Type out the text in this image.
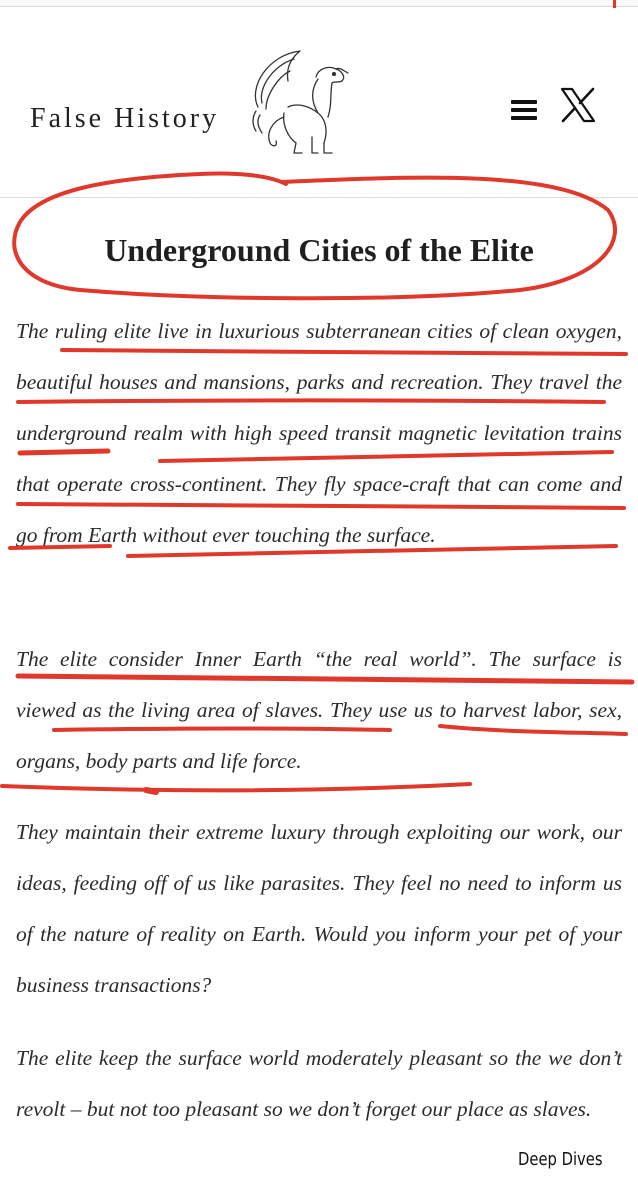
False History
Underground Cities of the Elite

The ruling elite live in luxurious subterranean cities of clean oxygen, beautiful houses and mansions, parks and recreation. They travel the underground realm with high speed transit magnetic levitation trains that operate cross-continent. They fly space-craft that can come and go from Earth without ever touching the surface.

The elite consider Inner Earth “the real world”. The surface is viewed as the living area of slaves. They use us to harvest labor, sex, organs, body parts and life force.

They maintain their extreme luxury through exploiting our work, our ideas, feeding off of us like parasites. They feel no need to inform us of the nature of reality on Earth. Would you inform your pet of your business transactions?

The elite keep the surface world moderately pleasant so the we don’t revolt – but not too pleasant so we don’t forget our place as slaves.

Deep Dives
